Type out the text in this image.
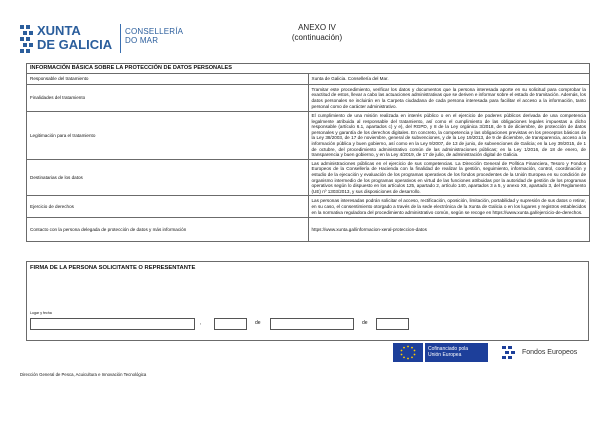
XUNTA
DE GALICIA
CONSELLERÍA
DO MAR
ANEXO IV
(continuación)
INFORMACIÓN BÁSICA SOBRE LA PROTECCIÓN DE DATOS PERSONALES	
Responsable del tratamiento	Xunta de Galicia. Consellería del Mar.
Finalidades del tratamiento	Tramitar este procedimiento, verificar los datos y documentos que la persona interesada aporte en su solicitud para comprobar la exactitud de estos, llevar a cabo las actuaciones administrativas que se deriven e informar sobre el estado de tramitación. Además, los datos personales se incluirán en la Carpeta ciudadana de cada persona interesada para facilitar el acceso a la información, tanto personal como de carácter administrativo.
Legitimación para el tratamiento	El cumplimiento de una misión realizada en interés público o en el ejercicio de poderes públicos derivada de una competencia legalmente atribuida al responsable del tratamiento, así como el cumplimiento de las obligaciones legales impuestas a dicho responsable (artículo 6.1, apartados c) y e), del RGPD, y 8 de la Ley orgánica 3/2018, de 5 de diciembre, de protección de datos personales y garantía de los derechos digitales. En concreto, la competencia y las obligaciones previstas en los preceptos básicos de la Ley 38/2003, de 17 de noviembre, general de subvenciones, y de la Ley 19/2013, de 9 de diciembre, de transparencia, acceso a la información pública y buen gobierno, así como en la Ley 9/2007, de 13 de junio, de subvenciones de Galicia; en la Ley 39/2015, de 1 de octubre, del procedimiento administrativo común de las administraciones públicas; en la Ley 1/2016, de 18 de enero, de transparencia y buen gobierno, y en la Ley 4/2019, de 17 de julio, de administración digital de Galicia.
Destinatarias de los datos	Las administraciones públicas en el ejercicio de sus competencias. La Dirección General de Política Financiera, Tesoro y Fondos Europeos de la Consellería de Hacienda con la finalidad de realizar la gestión, seguimiento, información, control, coordinación y estudio de la ejecución y evaluación de los programas operativos de los fondos procedentes de la Unión Europea en su condición de organismo intermedio de los programas operativos en virtud de las funciones atribuidas por la autoridad de gestión de los programas operativos según lo dispuesto en los artículos 125, apartado 2, artículo 140, apartados 3 a 5, y anexo XII, apartado 3, del Reglamento (UE) nº 1303/2013, y sus disposiciones de desarrollo.
Ejercicio de derechos	Las personas interesadas podrán solicitar el acceso, rectificación, oposición, limitación, portabilidad y supresión de sus datos o retirar, en su caso, el consentimiento otorgado a través de la sede electrónica de la Xunta de Galicia o en los lugares y registros establecidos en la normativa reguladora del procedimiento administrativo común, según se recoge en https://www.xunta.gal/ejercicio-de-derechos.
Contacto con la persona delegada de protección de datos y más información	https://www.xunta.gal/informacion-xeral-proteccion-datos
FIRMA DE LA PERSONA SOLICITANTE O REPRESENTANTE
Lugar y fecha
,	de	de
Cofinanciado pola
Unión Europea	Fondos Europeos
Dirección General de Pesca, Acuicultura e Innovación Tecnológica
